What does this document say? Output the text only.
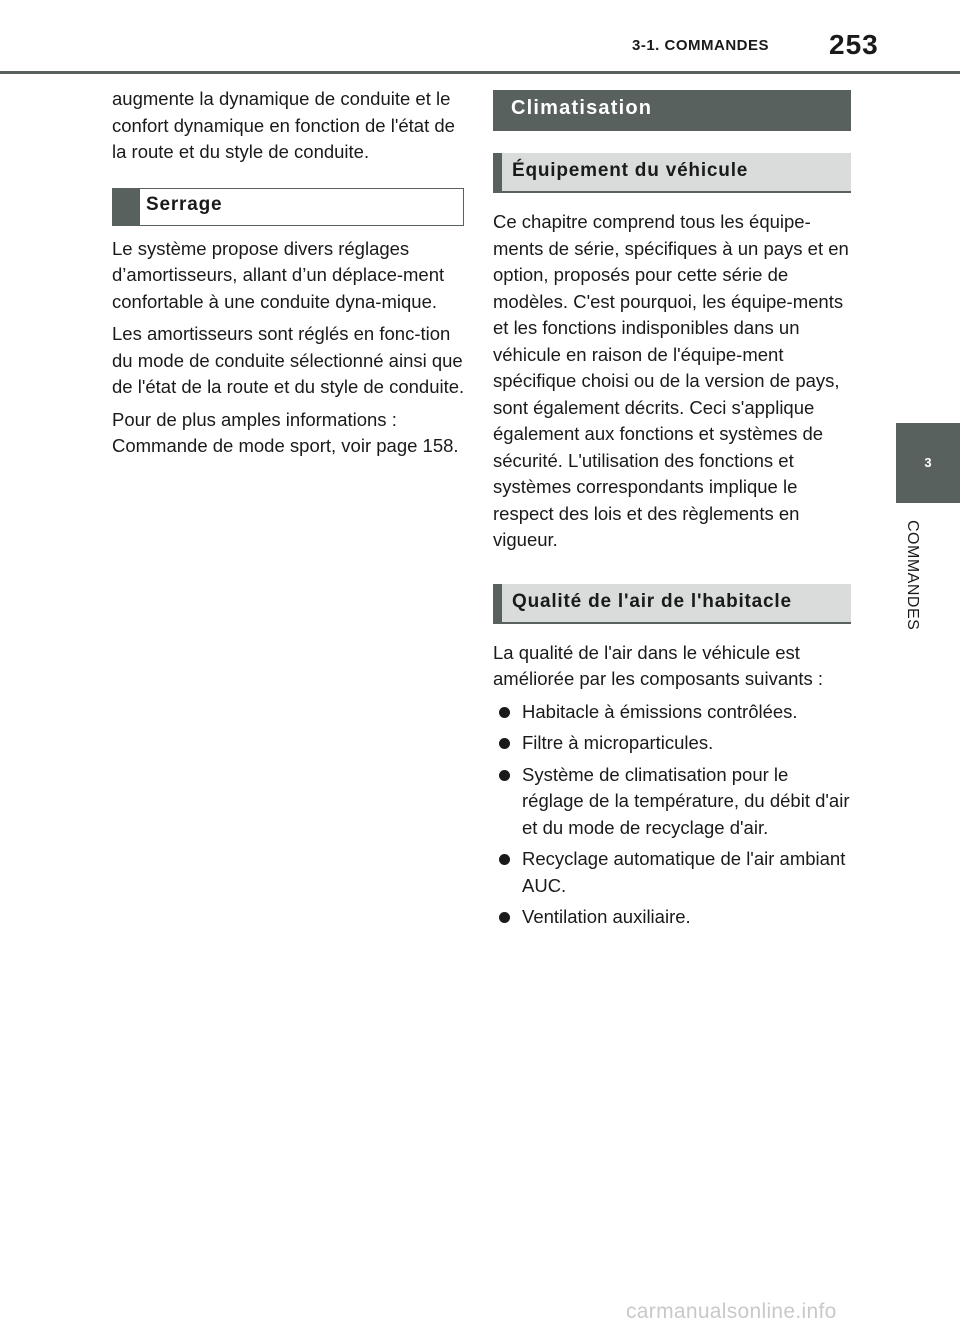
3-1. COMMANDES 253
3
COMMANDES

augmente la dynamique de conduite et le confort dynamique en fonction de l'état de la route et du style de conduite.

Serrage

Le système propose divers réglages d’amortisseurs, allant d’un déplace-ment confortable à une conduite dyna-mique.

Les amortisseurs sont réglés en fonc-tion du mode de conduite sélectionné ainsi que de l'état de la route et du style de conduite.

Pour de plus amples informations : Commande de mode sport, voir page 158.

Climatisation
Équipement du véhicule

Ce chapitre comprend tous les équipe-ments de série, spécifiques à un pays et en option, proposés pour cette série de modèles. C'est pourquoi, les équipe-ments et les fonctions indisponibles dans un véhicule en raison de l'équipe-ment spécifique choisi ou de la version de pays, sont également décrits. Ceci s'applique également aux fonctions et systèmes de sécurité. L'utilisation des fonctions et systèmes correspondants implique le respect des lois et des règlements en vigueur.

Qualité de l'air de l'habitacle

La qualité de l'air dans le véhicule est améliorée par les composants suivants :

Habitacle à émissions contrôlées.
Filtre à microparticules.
Système de climatisation pour le réglage de la température, du débit d'air et du mode de recyclage d'air.
Recyclage automatique de l'air ambiant AUC.
Ventilation auxiliaire.
carmanualsonline.info
